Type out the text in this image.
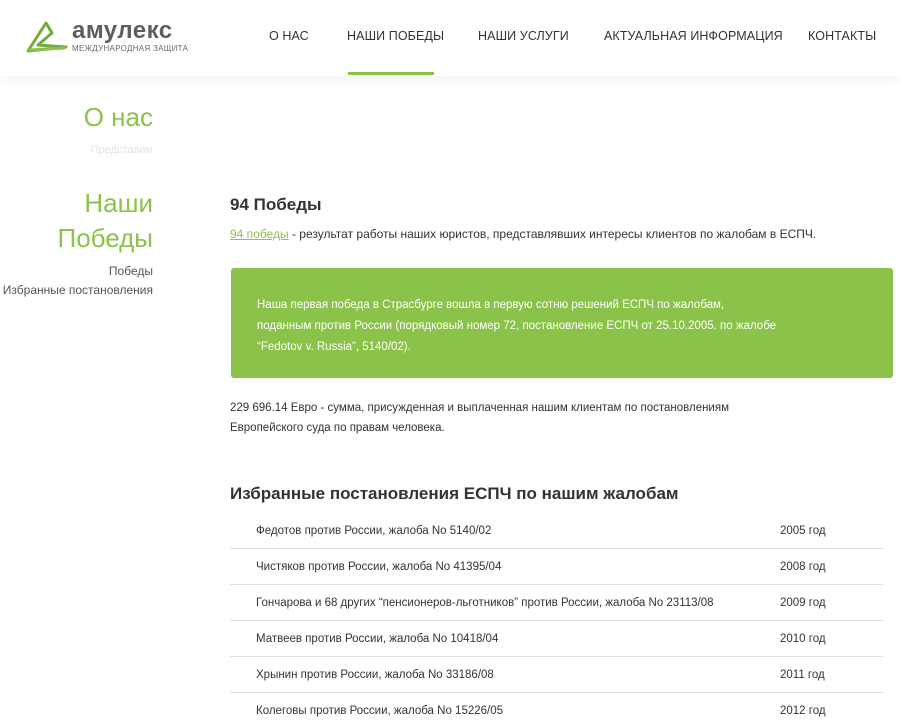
амулекс
МЕЖДУНАРОДНАЯ ЗАЩИТА
О НАС	НАШИ ПОБЕДЫ	НАШИ УСЛУГИ	АКТУАЛЬНАЯ ИНФОРМАЦИЯ КОНТАКТЫ
О нас
Представим
Наши
Победы
Победы
Избранные постановления
94 Победы

94 победы - результат работы наших юристов, представлявших интересы клиентов по жалобам в ЕСПЧ.

Наша первая победа в Страсбурге вошла в первую сотню решений ЕСПЧ по жалобам, поданным против России (порядковый номер 72, постановление ЕСПЧ от 25.10.2005. по жалобе “Fedotov v. Russia”, 5140/02).

229 696.14 Евро - сумма, присужденная и выплаченная нашим клиентам по постановлениям Европейского суда по правам человека.

Избранные постановления ЕСПЧ по нашим жалобам
Федотов против России, жалоба No 5140/02	2005 год
Чистяков против России, жалоба No 41395/04	2008 год
Гончарова и 68 других “пенсионеров-льготников” против России, жалоба No 23113/08	2009 год
Матвеев против России, жалоба No 10418/04	2010 год
Хрынин против России, жалоба No 33186/08	2011 год
Колеговы против России, жалоба No 15226/05	2012 год
